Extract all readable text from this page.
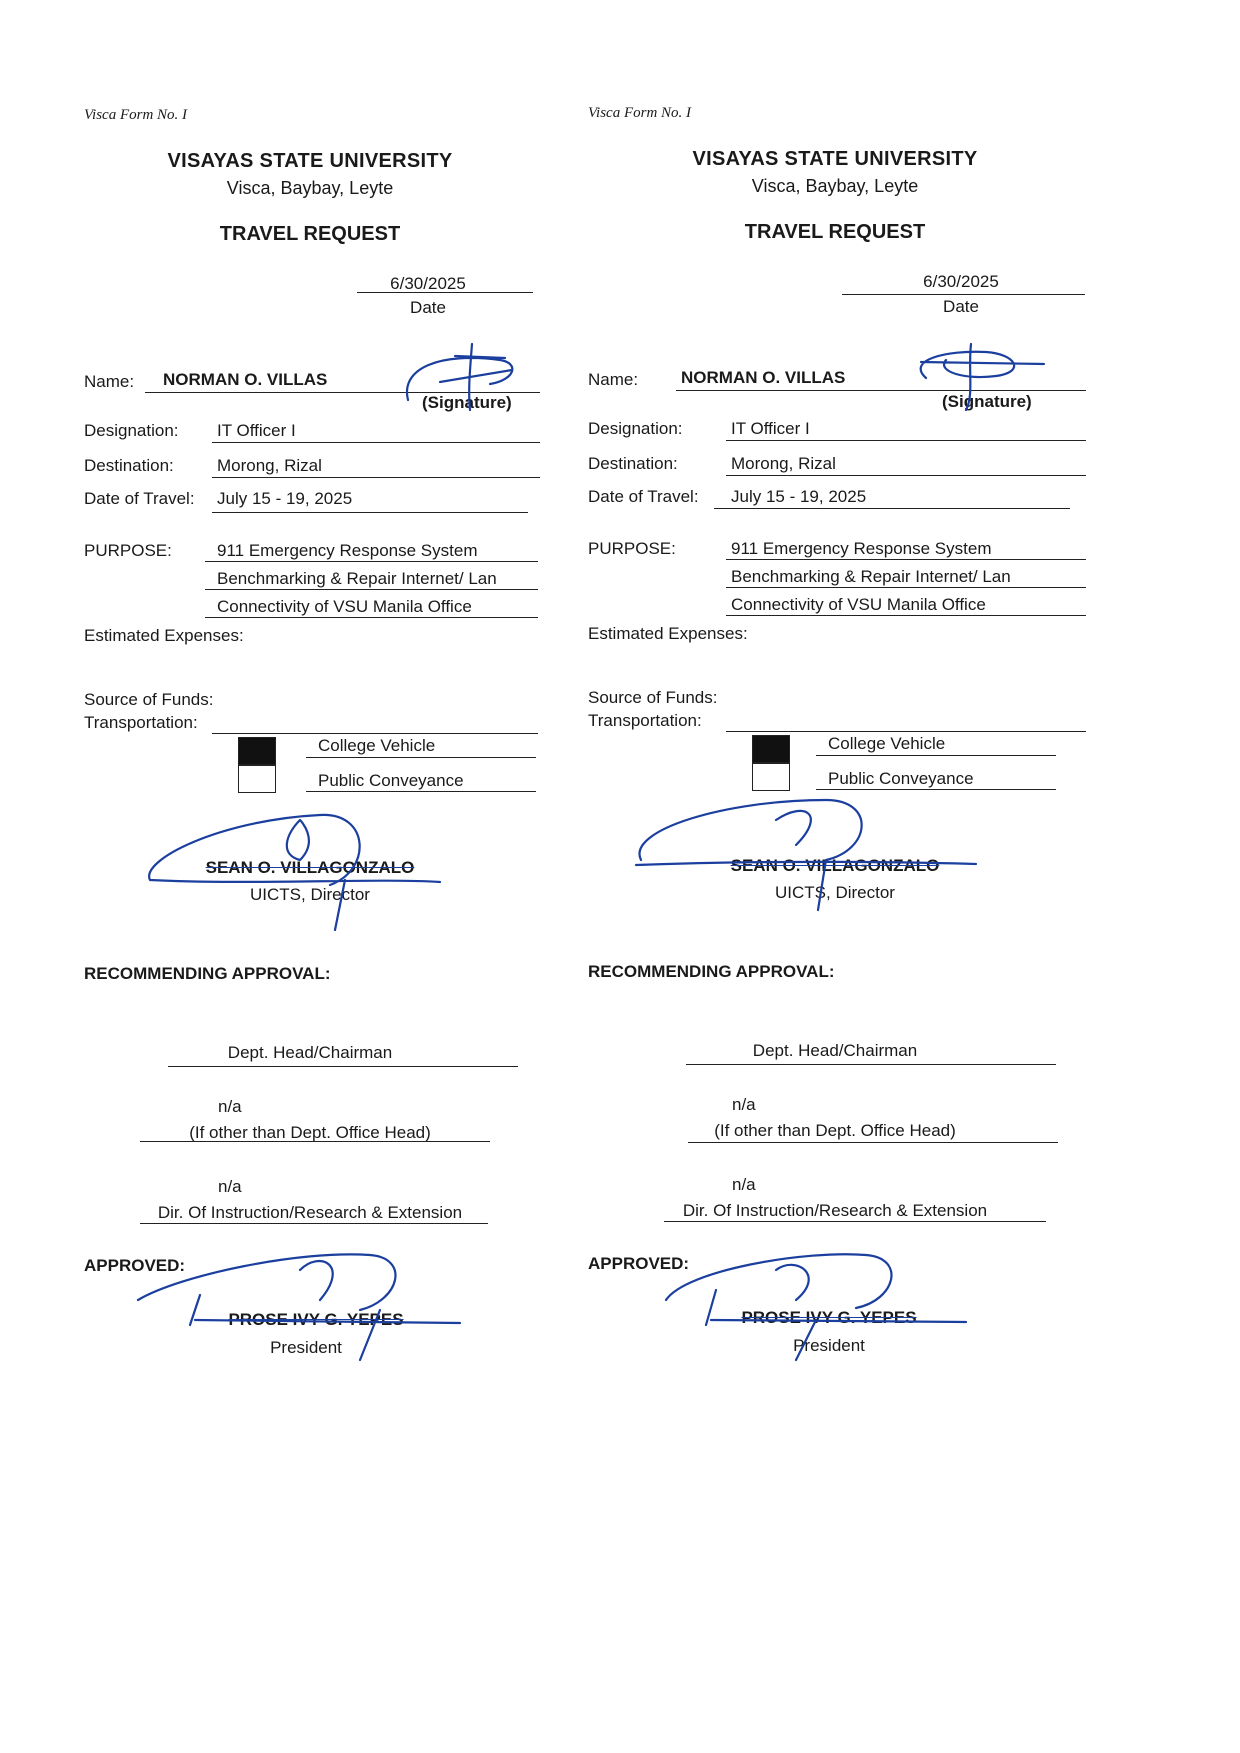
Visca Form No. I
VISAYAS STATE UNIVERSITY
Visca, Baybay, Leyte
TRAVEL REQUEST
6/30/2025
Date
Name: NORMAN O. VILLAS
(Signature)
Designation: IT Officer I
Destination:	Morong, Rizal
Date of Travel: July 15 - 19, 2025
PURPOSE:	911 Emergency Response System
Benchmarking & Repair Internet/ Lan
Connectivity of VSU Manila Office
Estimated Expenses:
Source of Funds:
Transportation:
College Vehicle
Public Conveyance
SEAN O. VILLAGONZALO
UICTS, Director
RECOMMENDING APPROVAL:
Dept. Head/Chairman
n/a
(If other than Dept. Office Head)
n/a
Dir. Of Instruction/Research & Extension
APPROVED:
PROSE IVY G. YEPES
President
Visca Form No. I
VISAYAS STATE UNIVERSITY
Visca, Baybay, Leyte
TRAVEL REQUEST
6/30/2025
Date
Name:	NORMAN O. VILLAS
(Signature)
Designation:	IT Officer I
Destination:	Morong, Rizal
Date of Travel: July 15 - 19, 2025
PURPOSE:	911 Emergency Response System
Benchmarking & Repair Internet/ Lan
Connectivity of VSU Manila Office
Estimated Expenses:
Source of Funds:
Transportation:
College Vehicle
Public Conveyance
SEAN O. VILLAGONZALO
UICTS, Director
RECOMMENDING APPROVAL:
Dept. Head/Chairman
n/a
(If other than Dept. Office Head)
n/a
Dir. Of Instruction/Research & Extension
APPROVED:
PROSE IVY G. YEPES
President
